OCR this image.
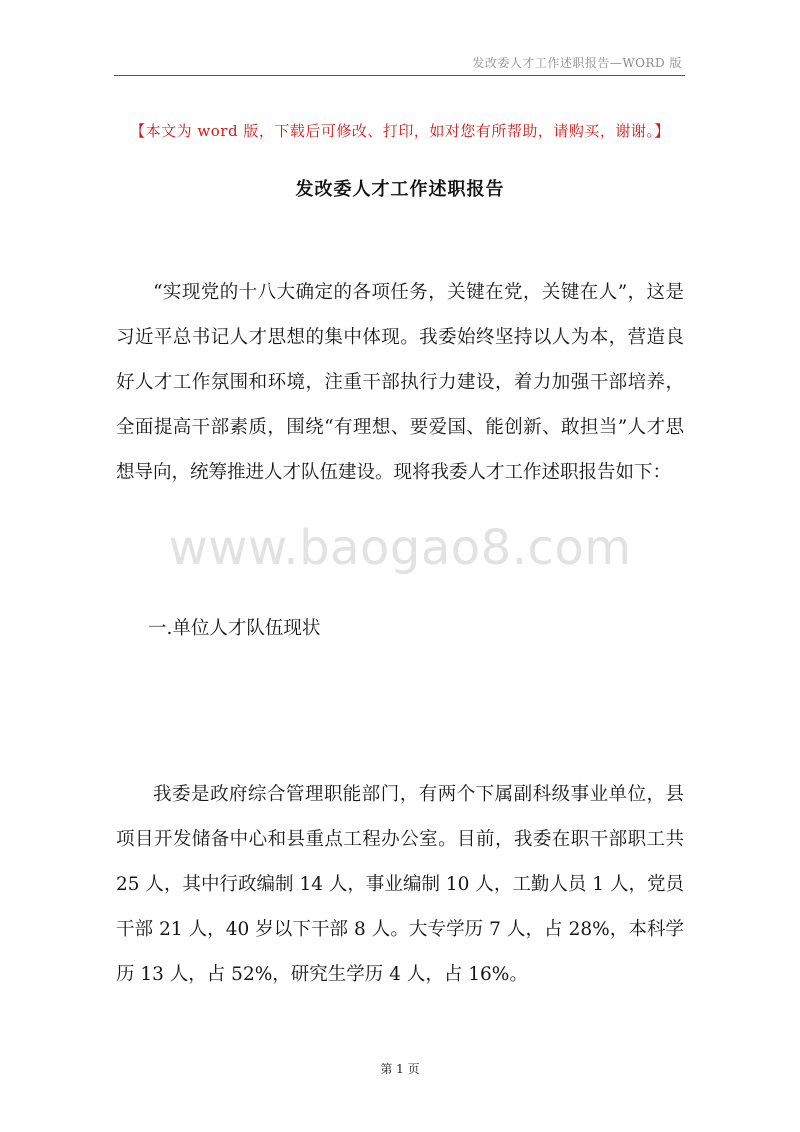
发改委人才工作述职报告—WORD 版
【本文为 word 版，下载后可修改、打印，如对您有所帮助，请购买，谢谢。】
发改委人才工作述职报告

“实现党的十八大确定的各项任务，关键在党，关键在人”，这是习近平总书记人才思想的集中体现。我委始终坚持以人为本，营造良好人才工作氛围和环境，注重干部执行力建设，着力加强干部培养，全面提高干部素质，围绕“有理想、要爱国、能创新、敢担当”人才思想导向，统筹推进人才队伍建设。现将我委人才工作述职报告如下：

www.baogao8.com
一.单位人才队伍现状

我委是政府综合管理职能部门，有两个下属副科级事业单位，县项目开发储备中心和县重点工程办公室。目前，我委在职干部职工共 25 人，其中行政编制 14 人，事业编制 10 人，工勤人员 1 人，党员干部 21 人，40 岁以下干部 8 人。大专学历 7 人，占 28%，本科学历 13 人，占 52%，研究生学历 4 人，占 16%。

第 1 页
